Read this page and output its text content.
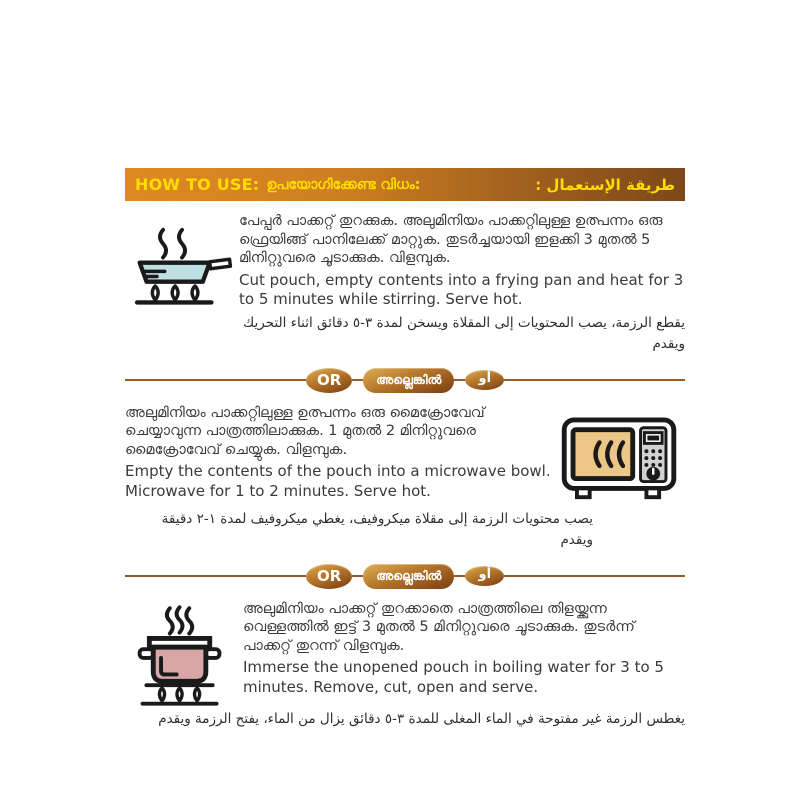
HOW TO USE: ഉപയോഗിക്കേണ്ട വിധം:	طريقة الإستعمال :

പേപ്പർ പാക്കറ്റ് തുറക്കുക. അലുമിനിയം പാക്കറ്റിലുള്ള ഉത്പന്നം ഒരു ഫ്രെയിങ്ങ് പാനിലേക്ക് മാറ്റുക. തുടർച്ചയായി ഇളക്കി 3 മുതൽ 5 മിനിറ്റുവരെ ചൂടാക്കുക. വിളമ്പുക.

Cut pouch, empty contents into a frying pan and heat for 3 to 5 minutes while stirring. Serve hot.

يقطع الرزمة، يصب المحتويات إلى المقلاة ويسخن لمدة ٣-٥ دقائق اثناء التحريك ويقدم

OR	അല്ലെങ്കിൽ	أو

അലുമിനിയം പാക്കറ്റിലുള്ള ഉത്പന്നം ഒരു മൈക്രോവേവ് ചെയ്യാവുന്ന പാത്രത്തിലാക്കുക. 1 മുതൽ 2 മിനിറ്റുവരെ മൈക്രോവേവ് ചെയ്യുക. വിളമ്പുക.

Empty the contents of the pouch into a microwave bowl. Microwave for 1 to 2 minutes. Serve hot.

يصب محتويات الرزمة إلى مقلاة ميكروفيف، يغطي ميكروفيف لمدة ١-٢ دقيقة ويقدم

OR	അല്ലെങ്കിൽ	أو

അലുമിനിയം പാക്കറ്റ് തുറക്കാതെ പാത്രത്തിലെ തിളയ്ക്കുന്ന വെള്ളത്തിൽ ഇട്ട് 3 മുതൽ 5 മിനിറ്റുവരെ ചൂടാക്കുക. തുടർന്ന് പാക്കറ്റ് തുറന്ന് വിളമ്പുക.

Immerse the unopened pouch in boiling water for 3 to 5 minutes. Remove, cut, open and serve.

يغطس الرزمة غير مفتوحة في الماء المغلى للمدة ٣-٥ دقائق يزال من الماء، يفتح الرزمة ويقدم
